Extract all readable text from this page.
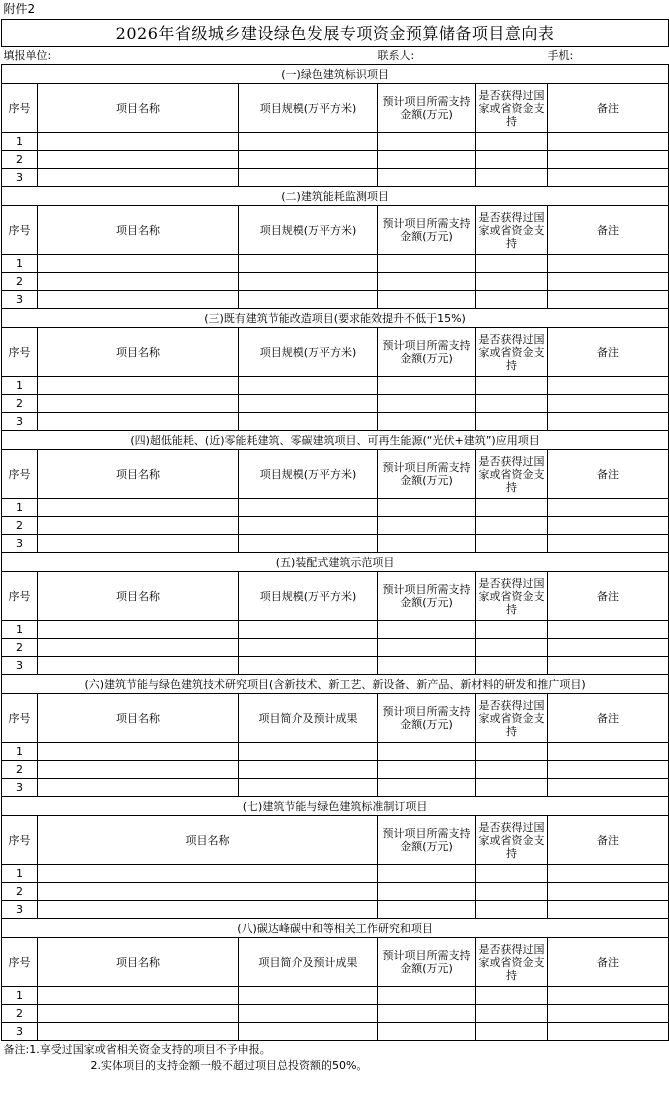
附件2					
2026年省级城乡建设绿色发展专项资金预算储备项目意向表					
填报单位:			联系人:		手机:
(一)绿色建筑标识项目					
序号	项目名称	项目规模(万平方米)	预计项目所需支持金额(万元)	是否获得过国家或省资金支持	备注
1					
2					
3					
(二)建筑能耗监测项目					
序号	项目名称	项目规模(万平方米)	预计项目所需支持金额(万元)	是否获得过国家或省资金支持	备注
1					
2					
3					
(三)既有建筑节能改造项目(要求能效提升不低于15%)					
序号	项目名称	项目规模(万平方米)	预计项目所需支持金额(万元)	是否获得过国家或省资金支持	备注
1					
2					
3					
(四)超低能耗、(近)零能耗建筑、零碳建筑项目、可再生能源(“光伏+建筑”)应用项目					
序号	项目名称	项目规模(万平方米)	预计项目所需支持金额(万元)	是否获得过国家或省资金支持	备注
1					
2					
3					
(五)装配式建筑示范项目					
序号	项目名称	项目规模(万平方米)	预计项目所需支持金额(万元)	是否获得过国家或省资金支持	备注
1					
2					
3					
(六)建筑节能与绿色建筑技术研究项目(含新技术、新工艺、新设备、新产品、新材料的研发和推广项目)					
序号	项目名称	项目简介及预计成果	预计项目所需支持金额(万元)	是否获得过国家或省资金支持	备注
1					
2					
3					
(七)建筑节能与绿色建筑标准制订项目					
序号	项目名称		预计项目所需支持金额(万元)	是否获得过国家或省资金支持	备注
1					
2					
3					
(八)碳达峰碳中和等相关工作研究和项目					
序号	项目名称	项目简介及预计成果	预计项目所需支持金额(万元)	是否获得过国家或省资金支持	备注
1					
2					
3					
备注:1.享受过国家或省相关资金支持的项目不予申报。					
2.实体项目的支持金额一般不超过项目总投资额的50%。					
